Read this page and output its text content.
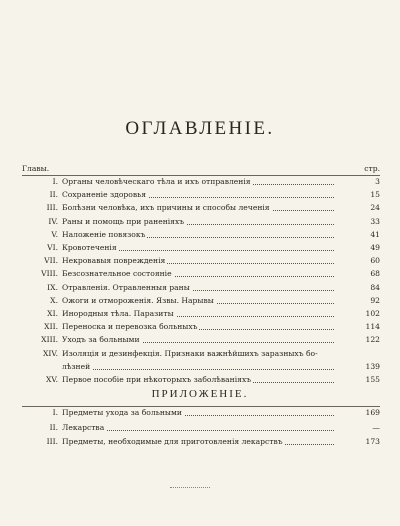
ОГЛАВЛЕНІЕ.
Главы.	стр.
I. Органы человѣческаго тѣла и ихъ отправленія	3
II. Сохраненіе здоровья	15
III. Болѣзни человѣка, ихъ причины и способы леченія	24
IV. Раны и помощь при раненіяхъ	33
V. Наложеніе повязокъ	41
VI. Кровотеченія	49
VII. Некровавыя поврежденія	60
VIII. Безсознательное состояніе	68
IX. Отравленія. Отравленныя раны	84
X. Ожоги и отмороженія. Язвы. Нарывы	92
XI. Инородныя тѣла. Паразиты	102
XII. Переноска и перевозка больныхъ	114
XIII. Уходъ за больными	122
XIV. Изоляція и дезинфекція. Признаки важнѣйшихъ заразныхъ бо-
лѣзней	139
XV. Первое пособіе при нѣкоторыхъ заболѣваніяхъ	155
ПРИЛОЖЕНІЕ.
I. Предметы ухода за больными	169
II. Лекарства	—
III. Предметы, необходимые для приготовленія лекарствъ	173
